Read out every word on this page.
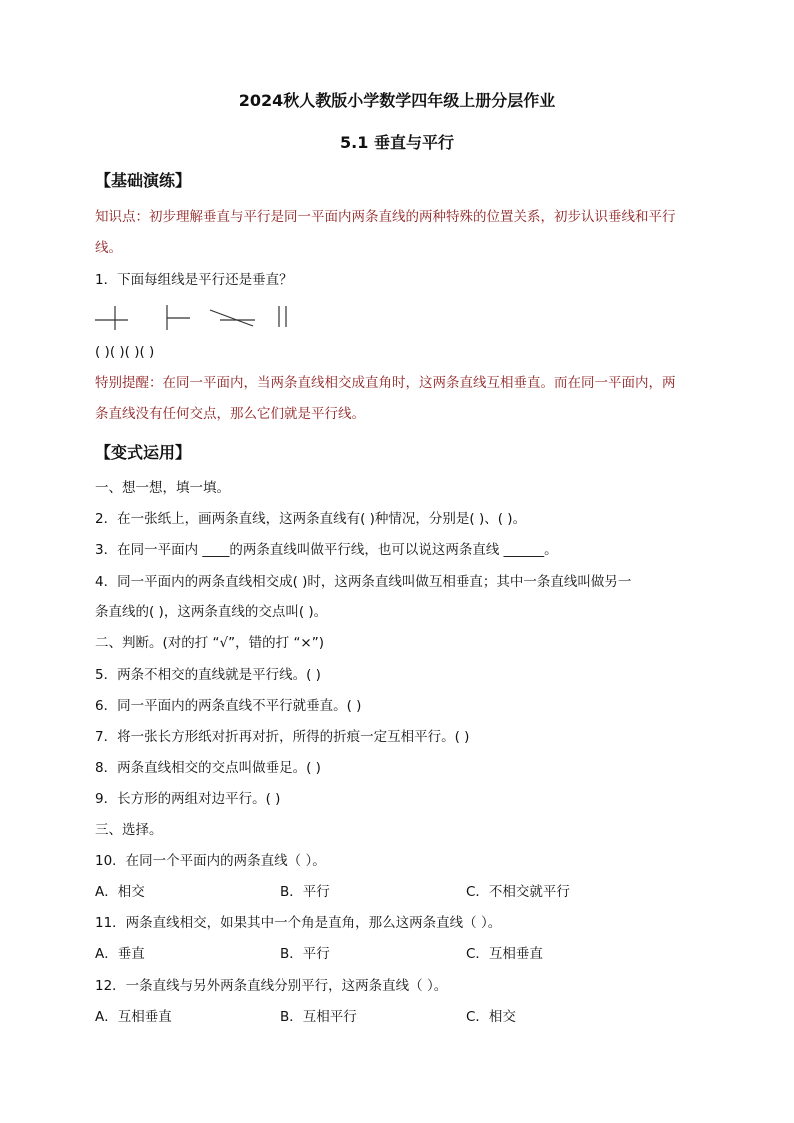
2024秋人教版小学数学四年级上册分层作业
5.1 垂直与平行
【基础演练】
知识点：初步理解垂直与平行是同一平面内两条直线的两种特殊的位置关系，初步认识垂线和平行
线。
1．下面每组线是平行还是垂直？
( )( )( )( )
特别提醒：在同一平面内，当两条直线相交成直角时，这两条直线互相垂直。而在同一平面内，两
条直线没有任何交点，那么它们就是平行线。
【变式运用】
一、想一想，填一填。
2．在一张纸上，画两条直线，这两条直线有( )种情况，分别是( )、( )。
3．在同一平面内 ____的两条直线叫做平行线，也可以说这两条直线 ______。
4．同一平面内的两条直线相交成( )时，这两条直线叫做互相垂直；其中一条直线叫做另一
条直线的( )，这两条直线的交点叫( )。
二、判断。(对的打 “√”，错的打 “×”)
5．两条不相交的直线就是平行线。( )
6．同一平面内的两条直线不平行就垂直。( )
7．将一张长方形纸对折再对折，所得的折痕一定互相平行。( )
8．两条直线相交的交点叫做垂足。( )
9．长方形的两组对边平行。( )
三、选择。
10．在同一个平面内的两条直线（ ）。
A．相交	B．平行	C．不相交就平行
11．两条直线相交，如果其中一个角是直角，那么这两条直线（ ）。
A．垂直	B．平行	C．互相垂直
12．一条直线与另外两条直线分别平行，这两条直线（ ）。
A．互相垂直	B．互相平行	C．相交
